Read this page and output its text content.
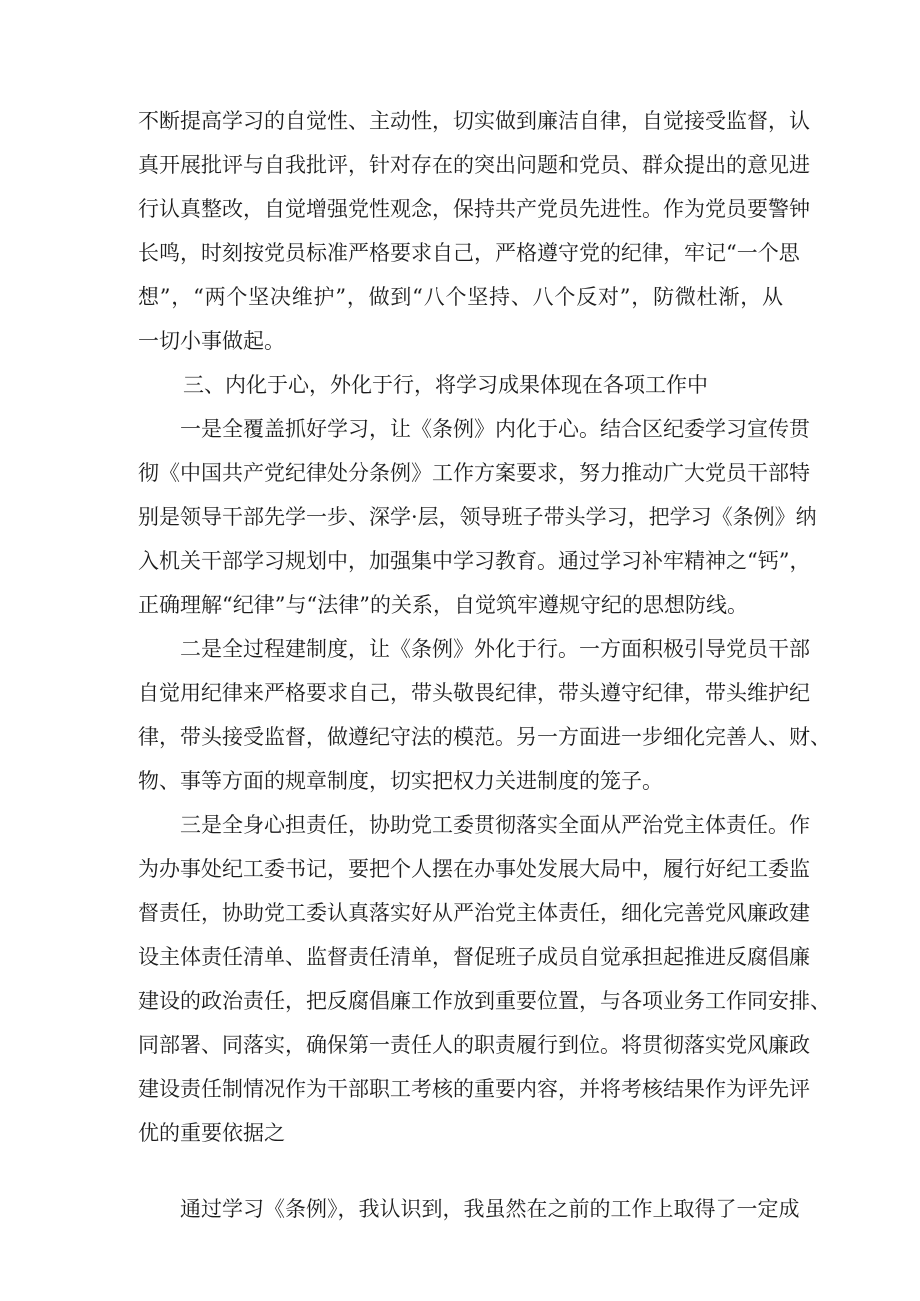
不断提高学习的自觉性、主动性，切实做到廉洁自律，自觉接受监督，认
真开展批评与自我批评，针对存在的突出问题和党员、群众提出的意见进
行认真整改，自觉增强党性观念，保持共产党员先进性。作为党员要警钟
长鸣，时刻按党员标准严格要求自己，严格遵守党的纪律，牢记“一个思
想”，“两个坚决维护”，做到“八个坚持、八个反对”，防微杜渐，从
一切小事做起。
三、内化于心，外化于行，将学习成果体现在各项工作中
一是全覆盖抓好学习，让《条例》内化于心。结合区纪委学习宣传贯
彻《中国共产党纪律处分条例》工作方案要求，努力推动广大党员干部特
别是领导干部先学一步、深学·层，领导班子带头学习，把学习《条例》纳
入机关干部学习规划中，加强集中学习教育。通过学习补牢精神之“钙”，
正确理解“纪律”与“法律”的关系，自觉筑牢遵规守纪的思想防线。
二是全过程建制度，让《条例》外化于行。一方面积极引导党员干部
自觉用纪律来严格要求自己，带头敬畏纪律，带头遵守纪律，带头维护纪
律，带头接受监督，做遵纪守法的模范。另一方面进一步细化完善人、财、
物、事等方面的规章制度，切实把权力关进制度的笼子。
三是全身心担责任，协助党工委贯彻落实全面从严治党主体责任。作
为办事处纪工委书记，要把个人摆在办事处发展大局中，履行好纪工委监
督责任，协助党工委认真落实好从严治党主体责任，细化完善党风廉政建
设主体责任清单、监督责任清单，督促班子成员自觉承担起推进反腐倡廉
建设的政治责任，把反腐倡廉工作放到重要位置，与各项业务工作同安排、
同部署、同落实，确保第一责任人的职责履行到位。将贯彻落实党风廉政
建设责任制情况作为干部职工考核的重要内容，并将考核结果作为评先评
优的重要依据之
通过学习《条例》，我认识到，我虽然在之前的工作上取得了一定成
